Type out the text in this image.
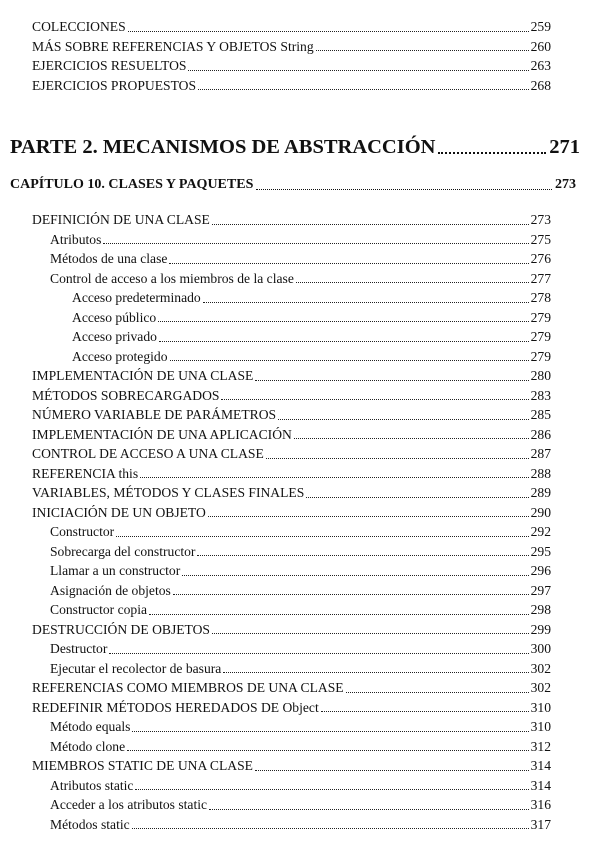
COLECCIONES	259
MÁS SOBRE REFERENCIAS Y OBJETOS String	260
EJERCICIOS RESUELTOS	263
EJERCICIOS PROPUESTOS	268
PARTE 2. MECANISMOS DE ABSTRACCIÓN	271
CAPÍTULO 10. CLASES Y PAQUETES	273
DEFINICIÓN DE UNA CLASE	273
Atributos	275
Métodos de una clase	276
Control de acceso a los miembros de la clase	277
Acceso predeterminado	278
Acceso público	279
Acceso privado	279
Acceso protegido	279
IMPLEMENTACIÓN DE UNA CLASE	280
MÉTODOS SOBRECARGADOS	283
NÚMERO VARIABLE DE PARÁMETROS	285
IMPLEMENTACIÓN DE UNA APLICACIÓN	286
CONTROL DE ACCESO A UNA CLASE	287
REFERENCIA this	288
VARIABLES, MÉTODOS Y CLASES FINALES	289
INICIACIÓN DE UN OBJETO	290
Constructor	292
Sobrecarga del constructor	295
Llamar a un constructor	296
Asignación de objetos	297
Constructor copia	298
DESTRUCCIÓN DE OBJETOS	299
Destructor	300
Ejecutar el recolector de basura	302
REFERENCIAS COMO MIEMBROS DE UNA CLASE	302
REDEFINIR MÉTODOS HEREDADOS DE Object	310
Método equals	310
Método clone	312
MIEMBROS STATIC DE UNA CLASE	314
Atributos static	314
Acceder a los atributos static	316
Métodos static	317
